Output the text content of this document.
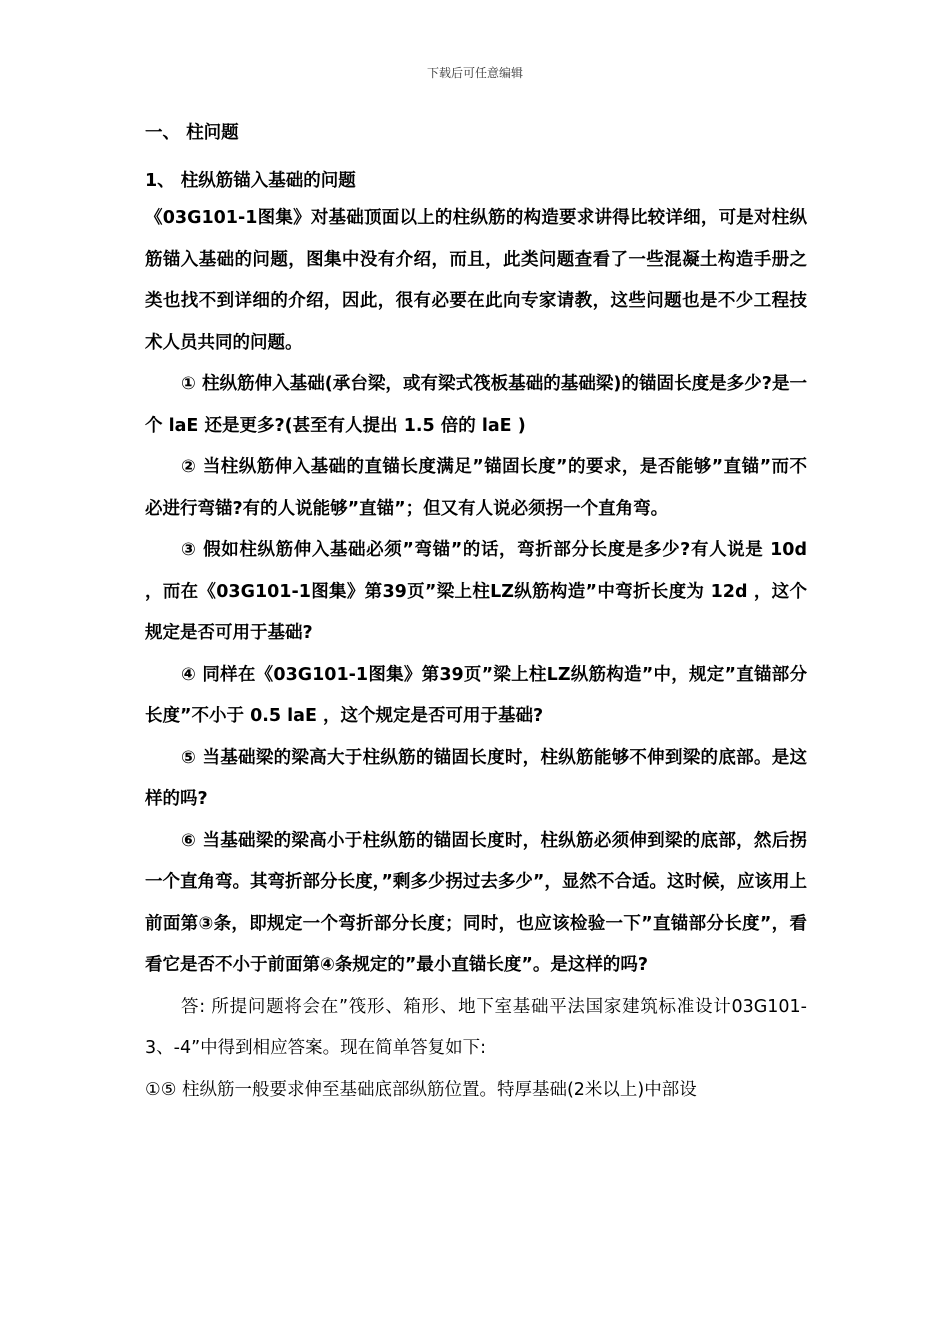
下载后可任意编辑
一、 柱问题
1、 柱纵筋锚入基础的问题

《03G101-1图集》对基础顶面以上的柱纵筋的构造要求讲得比较详细，可是对柱纵筋锚入基础的问题，图集中没有介绍，而且，此类问题查看了一些混凝土构造手册之类也找不到详细的介绍，因此，很有必要在此向专家请教，这些问题也是不少工程技术人员共同的问题。

① 柱纵筋伸入基础(承台梁，或有梁式筏板基础的基础梁)的锚固长度是多少?是一个 laE 还是更多?(甚至有人提出 1.5 倍的 laE )

② 当柱纵筋伸入基础的直锚长度满足”锚固长度”的要求，是否能够”直锚”而不必进行弯锚?有的人说能够”直锚”；但又有人说必须拐一个直角弯。

③ 假如柱纵筋伸入基础必须”弯锚”的话，弯折部分长度是多少?有人说是 10d ，而在《03G101-1图集》第39页”梁上柱LZ纵筋构造”中弯折长度为 12d ，这个规定是否可用于基础?

④ 同样在《03G101-1图集》第39页”梁上柱LZ纵筋构造”中，规定”直锚部分长度”不小于 0.5 laE ，这个规定是否可用于基础?

⑤ 当基础梁的梁高大于柱纵筋的锚固长度时，柱纵筋能够不伸到梁的底部。是这样的吗?

⑥ 当基础梁的梁高小于柱纵筋的锚固长度时，柱纵筋必须伸到梁的底部，然后拐一个直角弯。其弯折部分长度，”剩多少拐过去多少”，显然不合适。这时候，应该用上前面第③条，即规定一个弯折部分长度；同时，也应该检验一下”直锚部分长度”，看看它是否不小于前面第④条规定的”最小直锚长度”。是这样的吗?

答: 所提问题将会在”筏形、箱形、地下室基础平法国家建筑标准设计03G101-3、-4”中得到相应答案。现在简单答复如下:

①⑤ 柱纵筋一般要求伸至基础底部纵筋位置。特厚基础(2米以上)中部设
